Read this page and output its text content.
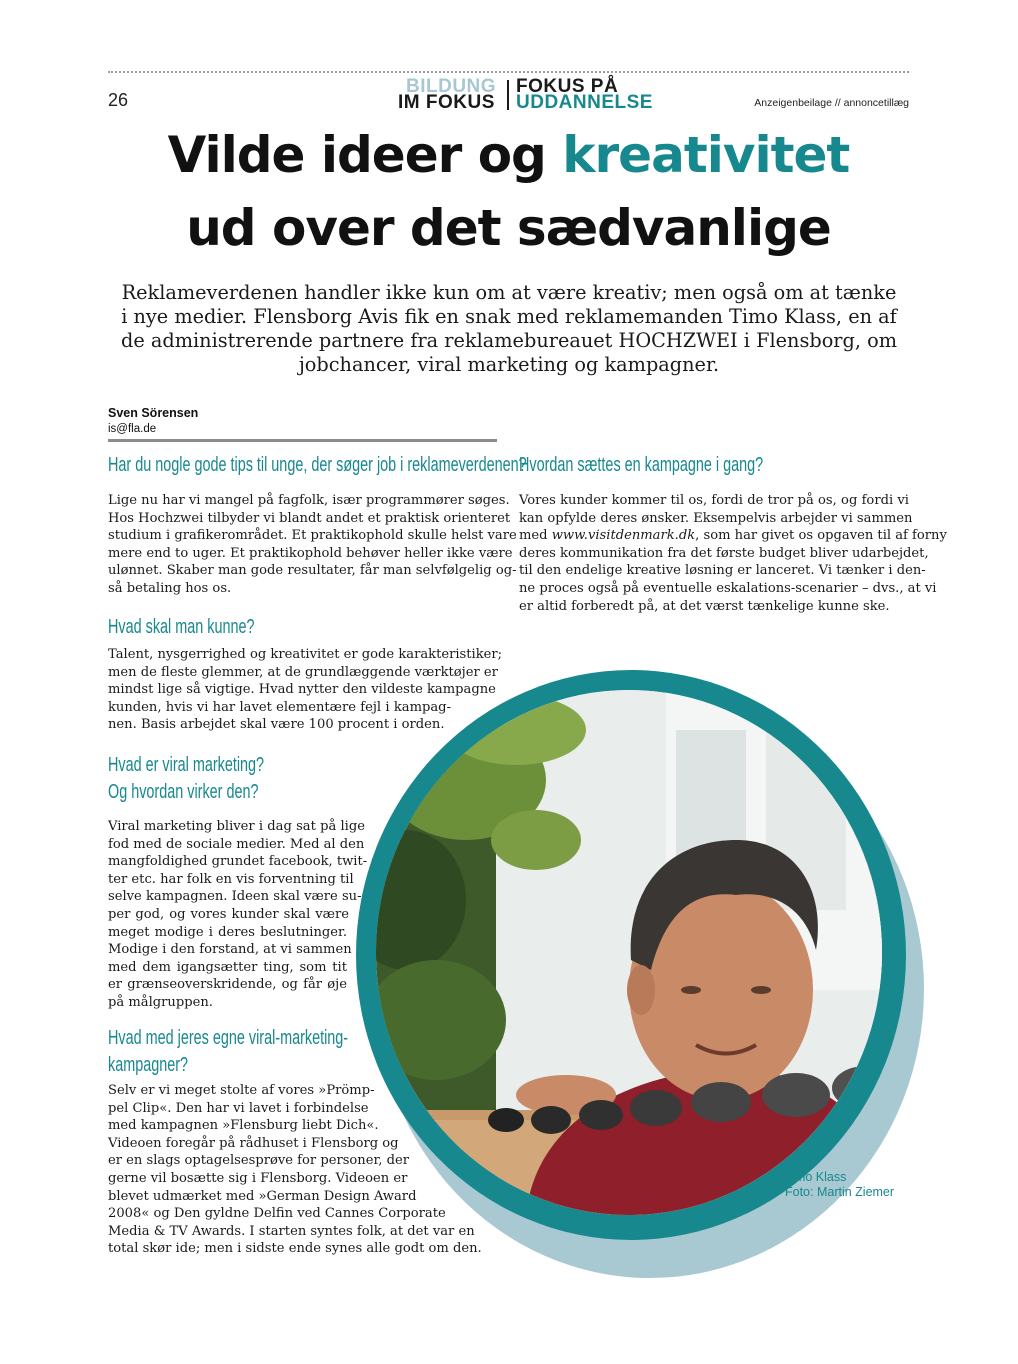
26
BILDUNG
IM FOKUS
FOKUS PÅ
UDDANNELSE	Anzeigenbeilage // annoncetillæg
Vilde ideer og kreativitet
ud over det sædvanlige
Reklameverdenen handler ikke kun om at være kreativ; men også om at tænke
i nye medier. Flensborg Avis fik en snak med reklamemanden Timo Klass, en af
de administrerende partnere fra reklamebureauet HOCHZWEI i Flensborg, om
jobchancer, viral marketing og kampagner.
Sven Sörensen
is@fla.de
Har du nogle gode tips til unge, der søger job i reklameverdenen?
Lige nu har vi mangel på fagfolk, især programmører søges.
Hos Hochzwei tilbyder vi blandt andet et praktisk orienteret
studium i grafikerområdet. Et praktikophold skulle helst vare
mere end to uger. Et praktikophold behøver heller ikke være
ulønnet. Skaber man gode resultater, får man selvfølgelig og-
så betaling hos os.
Hvad skal man kunne?
Talent, nysgerrighed og kreativitet er gode karakteristiker;
men de fleste glemmer, at de grundlæggende værktøjer er
mindst lige så vigtige. Hvad nytter den vildeste kampagne
kunden, hvis vi har lavet elementære fejl i kampag-
nen. Basis arbejdet skal være 100 procent i orden.
Hvad er viral marketing?
Og hvordan virker den?
Viral marketing bliver i dag sat på lige
fod med de sociale medier. Med al den
mangfoldighed grundet facebook, twit-
ter etc. har folk en vis forventning til
selve kampagnen. Ideen skal være su-
per god, og vores kunder skal være
meget modige i deres beslutninger.
Modige i den forstand, at vi sammen
med dem igangsætter ting, som tit
er grænseoverskridende, og får øje
på målgruppen.
Hvad med jeres egne viral-marketing-
kampagner?
Selv er vi meget stolte af vores »Prömp-
pel Clip«. Den har vi lavet i forbindelse
med kampagnen »Flensburg liebt Dich«.
Videoen foregår på rådhuset i Flensborg og
er en slags optagelsesprøve for personer, der
gerne vil bosætte sig i Flensborg. Videoen er
blevet udmærket med »German Design Award
2008« og Den gyldne Delfin ved Cannes Corporate
Media & TV Awards. I starten syntes folk, at det var en
total skør ide; men i sidste ende synes alle godt om den.
Hvordan sættes en kampagne i gang?
Vores kunder kommer til os, fordi de tror på os, og fordi vi
kan opfylde deres ønsker. Eksempelvis arbejder vi sammen
med www.visitdenmark.dk, som har givet os opgaven til af forny
deres kommunikation fra det første budget bliver udarbejdet,
til den endelige kreative løsning er lanceret. Vi tænker i den-
ne proces også på eventuelle eskalations-scenarier – dvs., at vi
er altid forberedt på, at det værst tænkelige kunne ske.
Timo Klass
Foto: Martin Ziemer
